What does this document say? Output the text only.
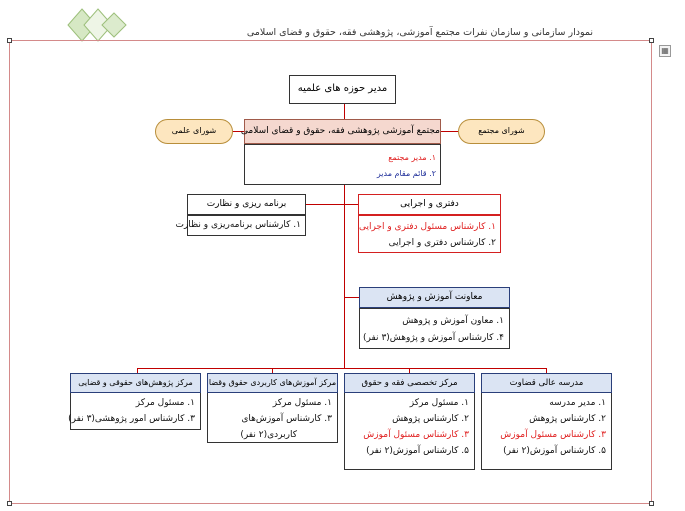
نمودار سازمانی و سازمان نفرات مجتمع آموزشی، پژوهشی فقه، حقوق و قضای اسلامی
▦
مدیر حوزه های علمیه
شورای علمی	شورای مجتمع
مجتمع آموزشی پژوهشی فقه، حقوق و قضای اسلامی
۱. مدیر مجتمع
۲. قائم مقام مدیر
دفتری و اجرایی
۱. کارشناس مسئول دفتری و اجرایی
۲. کارشناس دفتری و اجرایی
برنامه ریزی و نظارت
۱. کارشناس برنامه‌ریزی و نظارت
معاونت آموزش و پژوهش
۱. معاون آموزش و پژوهش
۴. کارشناس آموزش و پژوهش(۳ نفر)
مدرسه عالی قضاوت
۱. مدیر مدرسه
۲. کارشناس پژوهش
۳. کارشناس مسئول آموزش
۵. کارشناس آموزش(۲ نفر)
مرکز تخصصی فقه و حقوق
۱. مسئول مرکز
۲. کارشناس پژوهش
۳. کارشناس مسئول آموزش
۵. کارشناس آموزش(۲ نفر)
مرکز آموزش‌های کاربردی حقوق وقضا
۱. مسئول مرکز
۳. کارشناس آموزش‌های
کاربردی(۲ نفر)
مرکز پژوهش‌های حقوقی و قضایی
۱. مسئول مرکز
۳. کارشناس امور پژوهشی(۳ نفر)
